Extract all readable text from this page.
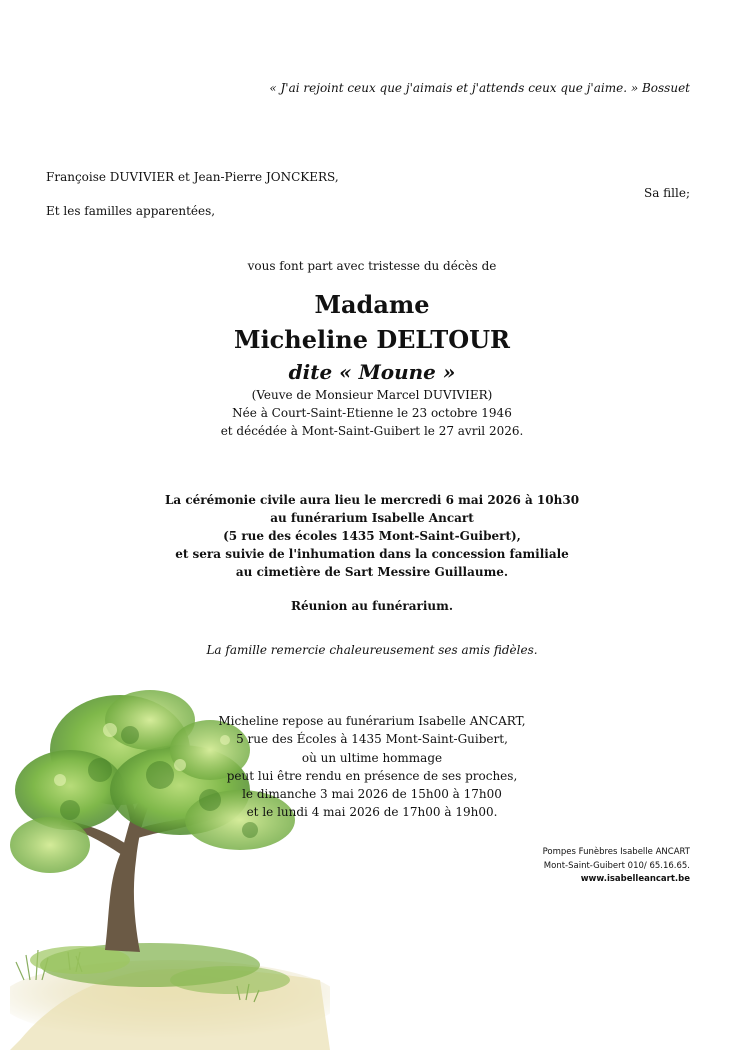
« J'ai rejoint ceux que j'aimais et j'attends ceux que j'aime. » Bossuet
Françoise DUVIVIER et Jean-Pierre JONCKERS,
Sa fille;
Et les familles apparentées,
vous font part avec tristesse du décès de
Madame
Micheline DELTOUR
dite « Moune »
(Veuve de Monsieur Marcel DUVIVIER)
Née à Court-Saint-Etienne le 23 octobre 1946
et décédée à Mont-Saint-Guibert le 27 avril 2026.
La cérémonie civile aura lieu le mercredi 6 mai 2026 à 10h30
au funérarium Isabelle Ancart
(5 rue des écoles 1435 Mont-Saint-Guibert),
et sera suivie de l'inhumation dans la concession familiale
au cimetière de Sart Messire Guillaume.
Réunion au funérarium.
La famille remercie chaleureusement ses amis fidèles.
Micheline repose au funérarium Isabelle ANCART,
5 rue des Écoles à 1435 Mont-Saint-Guibert,
où un ultime hommage
peut lui être rendu en présence de ses proches,
le dimanche 3 mai 2026 de 15h00 à 17h00
et le lundi 4 mai 2026 de 17h00 à 19h00.
Pompes Funèbres Isabelle ANCART
Mont-Saint-Guibert 010/ 65.16.65.
www.isabelleancart.be
